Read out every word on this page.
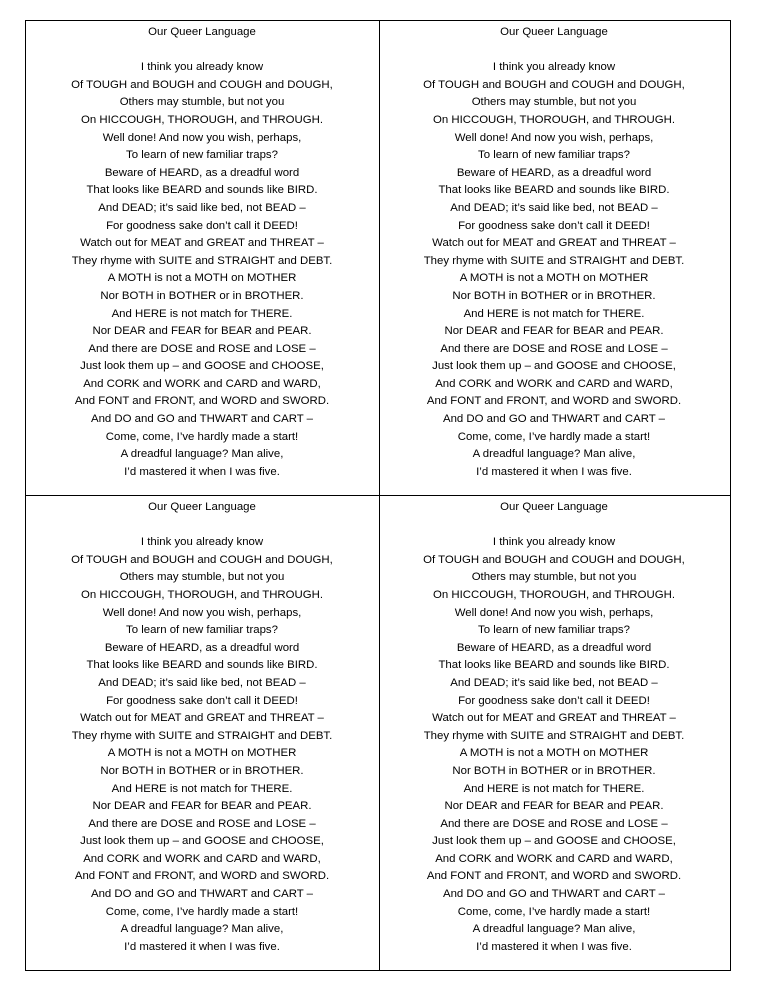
Our Queer Language
I think you already know
Of TOUGH and BOUGH and COUGH and DOUGH,
Others may stumble, but not you
On HICCOUGH, THOROUGH, and THROUGH.
Well done! And now you wish, perhaps,
To learn of new familiar traps?
Beware of HEARD, as a dreadful word
That looks like BEARD and sounds like BIRD.
And DEAD; it’s said like bed, not BEAD –
For goodness sake don’t call it DEED!
Watch out for MEAT and GREAT and THREAT –
They rhyme with SUITE and STRAIGHT and DEBT.
A MOTH is not a MOTH on MOTHER
Nor BOTH in BOTHER or in BROTHER.
And HERE is not match for THERE.
Nor DEAR and FEAR for BEAR and PEAR.
And there are DOSE and ROSE and LOSE –
Just look them up – and GOOSE and CHOOSE,
And CORK and WORK and CARD and WARD,
And FONT and FRONT, and WORD and SWORD.
And DO and GO and THWART and CART –
Come, come, I’ve hardly made a start!
A dreadful language? Man alive,
I’d mastered it when I was five.
Our Queer Language
I think you already know
Of TOUGH and BOUGH and COUGH and DOUGH,
Others may stumble, but not you
On HICCOUGH, THOROUGH, and THROUGH.
Well done! And now you wish, perhaps,
To learn of new familiar traps?
Beware of HEARD, as a dreadful word
That looks like BEARD and sounds like BIRD.
And DEAD; it’s said like bed, not BEAD –
For goodness sake don’t call it DEED!
Watch out for MEAT and GREAT and THREAT –
They rhyme with SUITE and STRAIGHT and DEBT.
A MOTH is not a MOTH on MOTHER
Nor BOTH in BOTHER or in BROTHER.
And HERE is not match for THERE.
Nor DEAR and FEAR for BEAR and PEAR.
And there are DOSE and ROSE and LOSE –
Just look them up – and GOOSE and CHOOSE,
And CORK and WORK and CARD and WARD,
And FONT and FRONT, and WORD and SWORD.
And DO and GO and THWART and CART –
Come, come, I’ve hardly made a start!
A dreadful language? Man alive,
I’d mastered it when I was five.
Our Queer Language
I think you already know
Of TOUGH and BOUGH and COUGH and DOUGH,
Others may stumble, but not you
On HICCOUGH, THOROUGH, and THROUGH.
Well done! And now you wish, perhaps,
To learn of new familiar traps?
Beware of HEARD, as a dreadful word
That looks like BEARD and sounds like BIRD.
And DEAD; it’s said like bed, not BEAD –
For goodness sake don’t call it DEED!
Watch out for MEAT and GREAT and THREAT –
They rhyme with SUITE and STRAIGHT and DEBT.
A MOTH is not a MOTH on MOTHER
Nor BOTH in BOTHER or in BROTHER.
And HERE is not match for THERE.
Nor DEAR and FEAR for BEAR and PEAR.
And there are DOSE and ROSE and LOSE –
Just look them up – and GOOSE and CHOOSE,
And CORK and WORK and CARD and WARD,
And FONT and FRONT, and WORD and SWORD.
And DO and GO and THWART and CART –
Come, come, I’ve hardly made a start!
A dreadful language? Man alive,
I’d mastered it when I was five.
Our Queer Language
I think you already know
Of TOUGH and BOUGH and COUGH and DOUGH,
Others may stumble, but not you
On HICCOUGH, THOROUGH, and THROUGH.
Well done! And now you wish, perhaps,
To learn of new familiar traps?
Beware of HEARD, as a dreadful word
That looks like BEARD and sounds like BIRD.
And DEAD; it’s said like bed, not BEAD –
For goodness sake don’t call it DEED!
Watch out for MEAT and GREAT and THREAT –
They rhyme with SUITE and STRAIGHT and DEBT.
A MOTH is not a MOTH on MOTHER
Nor BOTH in BOTHER or in BROTHER.
And HERE is not match for THERE.
Nor DEAR and FEAR for BEAR and PEAR.
And there are DOSE and ROSE and LOSE –
Just look them up – and GOOSE and CHOOSE,
And CORK and WORK and CARD and WARD,
And FONT and FRONT, and WORD and SWORD.
And DO and GO and THWART and CART –
Come, come, I’ve hardly made a start!
A dreadful language? Man alive,
I’d mastered it when I was five.
